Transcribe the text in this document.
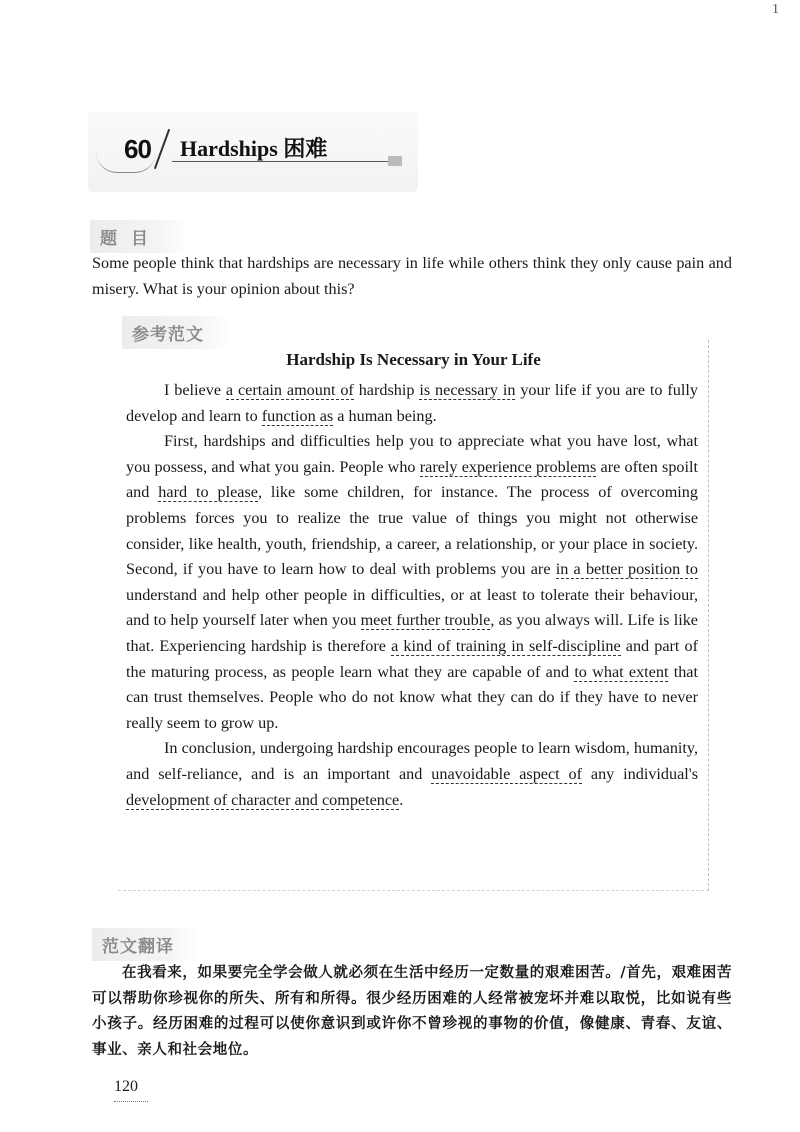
1
60 Hardships 困难
题目
Some people think that hardships are necessary in life while others think they only cause pain and misery. What is your opinion about this?
参考范文
Hardship Is Necessary in Your Life

I believe a certain amount of hardship is necessary in your life if you are to fully develop and learn to function as a human being.

First, hardships and difficulties help you to appreciate what you have lost, what you possess, and what you gain. People who rarely experience problems are often spoilt and hard to please, like some children, for instance. The process of overcoming problems forces you to realize the true value of things you might not otherwise consider, like health, youth, friendship, a career, a relationship, or your place in society. Second, if you have to learn how to deal with problems you are in a better position to understand and help other people in difficulties, or at least to tolerate their behaviour, and to help yourself later when you meet further trouble, as you always will. Life is like that. Experiencing hardship is therefore a kind of training in self-discipline and part of the maturing process, as people learn what they are capable of and to what extent that can trust themselves. People who do not know what they can do if they have to never really seem to grow up.

In conclusion, undergoing hardship encourages people to learn wisdom, humanity, and self-reliance, and is an important and unavoidable aspect of any individual's development of character and competence.

范文翻译

在我看来，如果要完全学会做人就必须在生活中经历一定数量的艰难困苦。/首先，艰难困苦可以帮助你珍视你的所失、所有和所得。很少经历困难的人经常被宠坏并难以取悦，比如说有些小孩子。经历困难的过程可以使你意识到或许你不曾珍视的事物的价值，像健康、青春、友谊、事业、亲人和社会地位。

120
